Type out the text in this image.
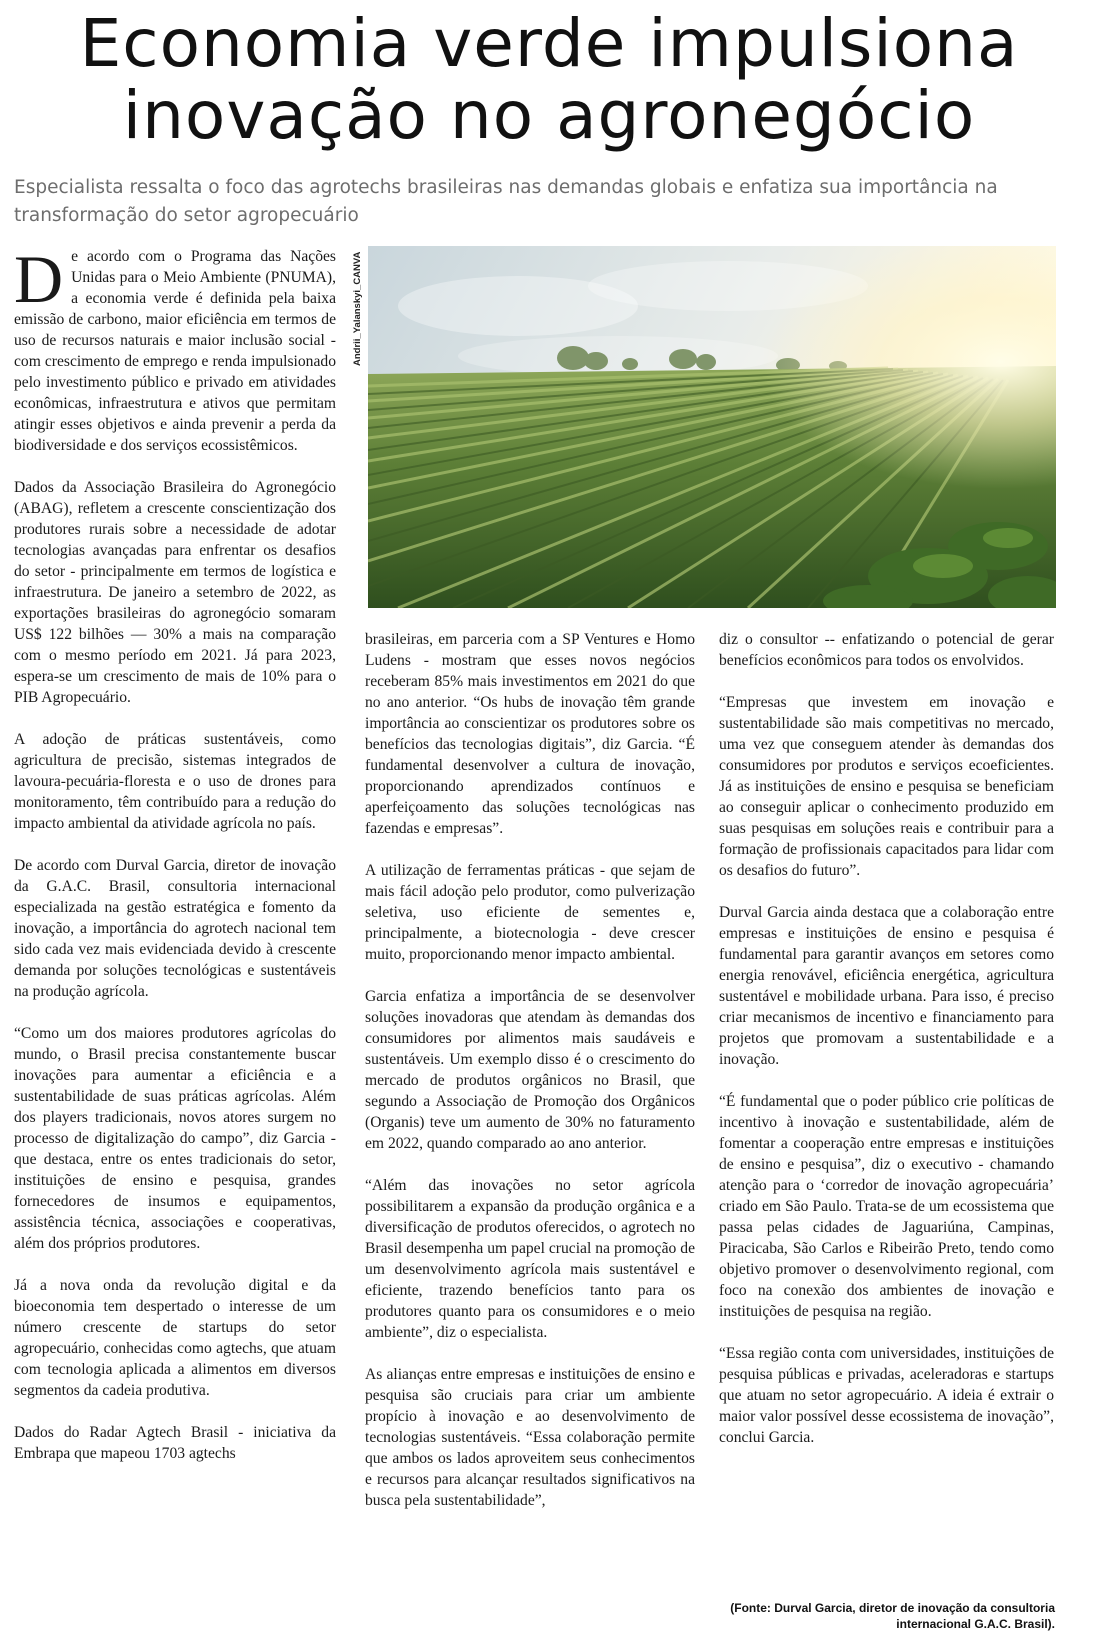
Economia verde impulsiona
inovação no agronegócio

Especialista ressalta o foco das agrotechs brasileiras nas demandas globais e enfatiza sua importância na transformação do setor agropecuário

De acordo com o Programa das Nações Unidas para o Meio Ambiente (PNUMA), a economia verde é definida pela baixa emissão de carbono, maior eficiência em termos de uso de recursos naturais e maior inclusão social - com crescimento de emprego e renda impulsionado pelo investimento público e privado em atividades econômicas, infraestrutura e ativos que permitam atingir esses objetivos e ainda prevenir a perda da biodiversidade e dos serviços ecossistêmicos.

Dados da Associação Brasileira do Agronegócio (ABAG), refletem a crescente conscientização dos produtores rurais sobre a necessidade de adotar tecnologias avançadas para enfrentar os desafios do setor - principalmente em termos de logística e infraestrutura. De janeiro a setembro de 2022, as exportações brasileiras do agronegócio somaram US$ 122 bilhões — 30% a mais na comparação com o mesmo período em 2021. Já para 2023, espera-se um crescimento de mais de 10% para o PIB Agropecuário.

A adoção de práticas sustentáveis, como agricultura de precisão, sistemas integrados de lavoura-pecuária-floresta e o uso de drones para monitoramento, têm contribuído para a redução do impacto ambiental da atividade agrícola no país.

De acordo com Durval Garcia, diretor de inovação da G.A.C. Brasil, consultoria internacional especializada na gestão estratégica e fomento da inovação, a importância do agrotech nacional tem sido cada vez mais evidenciada devido à crescente demanda por soluções tecnológicas e sustentáveis na produção agrícola.

“Como um dos maiores produtores agrícolas do mundo, o Brasil precisa constantemente buscar inovações para aumentar a eficiência e a sustentabilidade de suas práticas agrícolas. Além dos players tradicionais, novos atores surgem no processo de digitalização do campo”, diz Garcia - que destaca, entre os entes tradicionais do setor, instituições de ensino e pesquisa, grandes fornecedores de insumos e equipamentos, assistência técnica, associações e cooperativas, além dos próprios produtores.

Já a nova onda da revolução digital e da bioeconomia tem despertado o interesse de um número crescente de startups do setor agropecuário, conhecidas como agtechs, que atuam com tecnologia aplicada a alimentos em diversos segmentos da cadeia produtiva.

Dados do Radar Agtech Brasil - iniciativa da Embrapa que mapeou 1703 agtechs

Andrii_Yalanskyi_CANVA

brasileiras, em parceria com a SP Ventures e Homo Ludens - mostram que esses novos negócios receberam 85% mais investimentos em 2021 do que no ano anterior. “Os hubs de inovação têm grande importância ao conscientizar os produtores sobre os benefícios das tecnologias digitais”, diz Garcia. “É fundamental desenvolver a cultura de inovação, proporcionando aprendizados contínuos e aperfeiçoamento das soluções tecnológicas nas fazendas e empresas”.

A utilização de ferramentas práticas - que sejam de mais fácil adoção pelo produtor, como pulverização seletiva, uso eficiente de sementes e, principalmente, a biotecnologia - deve crescer muito, proporcionando menor impacto ambiental.

Garcia enfatiza a importância de se desenvolver soluções inovadoras que atendam às demandas dos consumidores por alimentos mais saudáveis e sustentáveis. Um exemplo disso é o crescimento do mercado de produtos orgânicos no Brasil, que segundo a Associação de Promoção dos Orgânicos (Organis) teve um aumento de 30% no faturamento em 2022, quando comparado ao ano anterior.

“Além das inovações no setor agrícola possibilitarem a expansão da produção orgânica e a diversificação de produtos oferecidos, o agrotech no Brasil desempenha um papel crucial na promoção de um desenvolvimento agrícola mais sustentável e eficiente, trazendo benefícios tanto para os produtores quanto para os consumidores e o meio ambiente”, diz o especialista.

As alianças entre empresas e instituições de ensino e pesquisa são cruciais para criar um ambiente propício à inovação e ao desenvolvimento de tecnologias sustentáveis. “Essa colaboração permite que ambos os lados aproveitem seus conhecimentos e recursos para alcançar resultados significativos na busca pela sustentabilidade”,

diz o consultor -- enfatizando o potencial de gerar benefícios econômicos para todos os envolvidos.

“Empresas que investem em inovação e sustentabilidade são mais competitivas no mercado, uma vez que conseguem atender às demandas dos consumidores por produtos e serviços ecoeficientes. Já as instituições de ensino e pesquisa se beneficiam ao conseguir aplicar o conhecimento produzido em suas pesquisas em soluções reais e contribuir para a formação de profissionais capacitados para lidar com os desafios do futuro”.

Durval Garcia ainda destaca que a colaboração entre empresas e instituições de ensino e pesquisa é fundamental para garantir avanços em setores como energia renovável, eficiência energética, agricultura sustentável e mobilidade urbana. Para isso, é preciso criar mecanismos de incentivo e financiamento para projetos que promovam a sustentabilidade e a inovação.

“É fundamental que o poder público crie políticas de incentivo à inovação e sustentabilidade, além de fomentar a cooperação entre empresas e instituições de ensino e pesquisa”, diz o executivo - chamando atenção para o ‘corredor de inovação agropecuária’ criado em São Paulo. Trata-se de um ecossistema que passa pelas cidades de Jaguariúna, Campinas, Piracicaba, São Carlos e Ribeirão Preto, tendo como objetivo promover o desenvolvimento regional, com foco na conexão dos ambientes de inovação e instituições de pesquisa na região.

“Essa região conta com universidades, instituições de pesquisa públicas e privadas, aceleradoras e startups que atuam no setor agropecuário. A ideia é extrair o maior valor possível desse ecossistema de inovação”, conclui Garcia.

(Fonte: Durval Garcia, diretor de inovação da consultoria internacional G.A.C. Brasil).
